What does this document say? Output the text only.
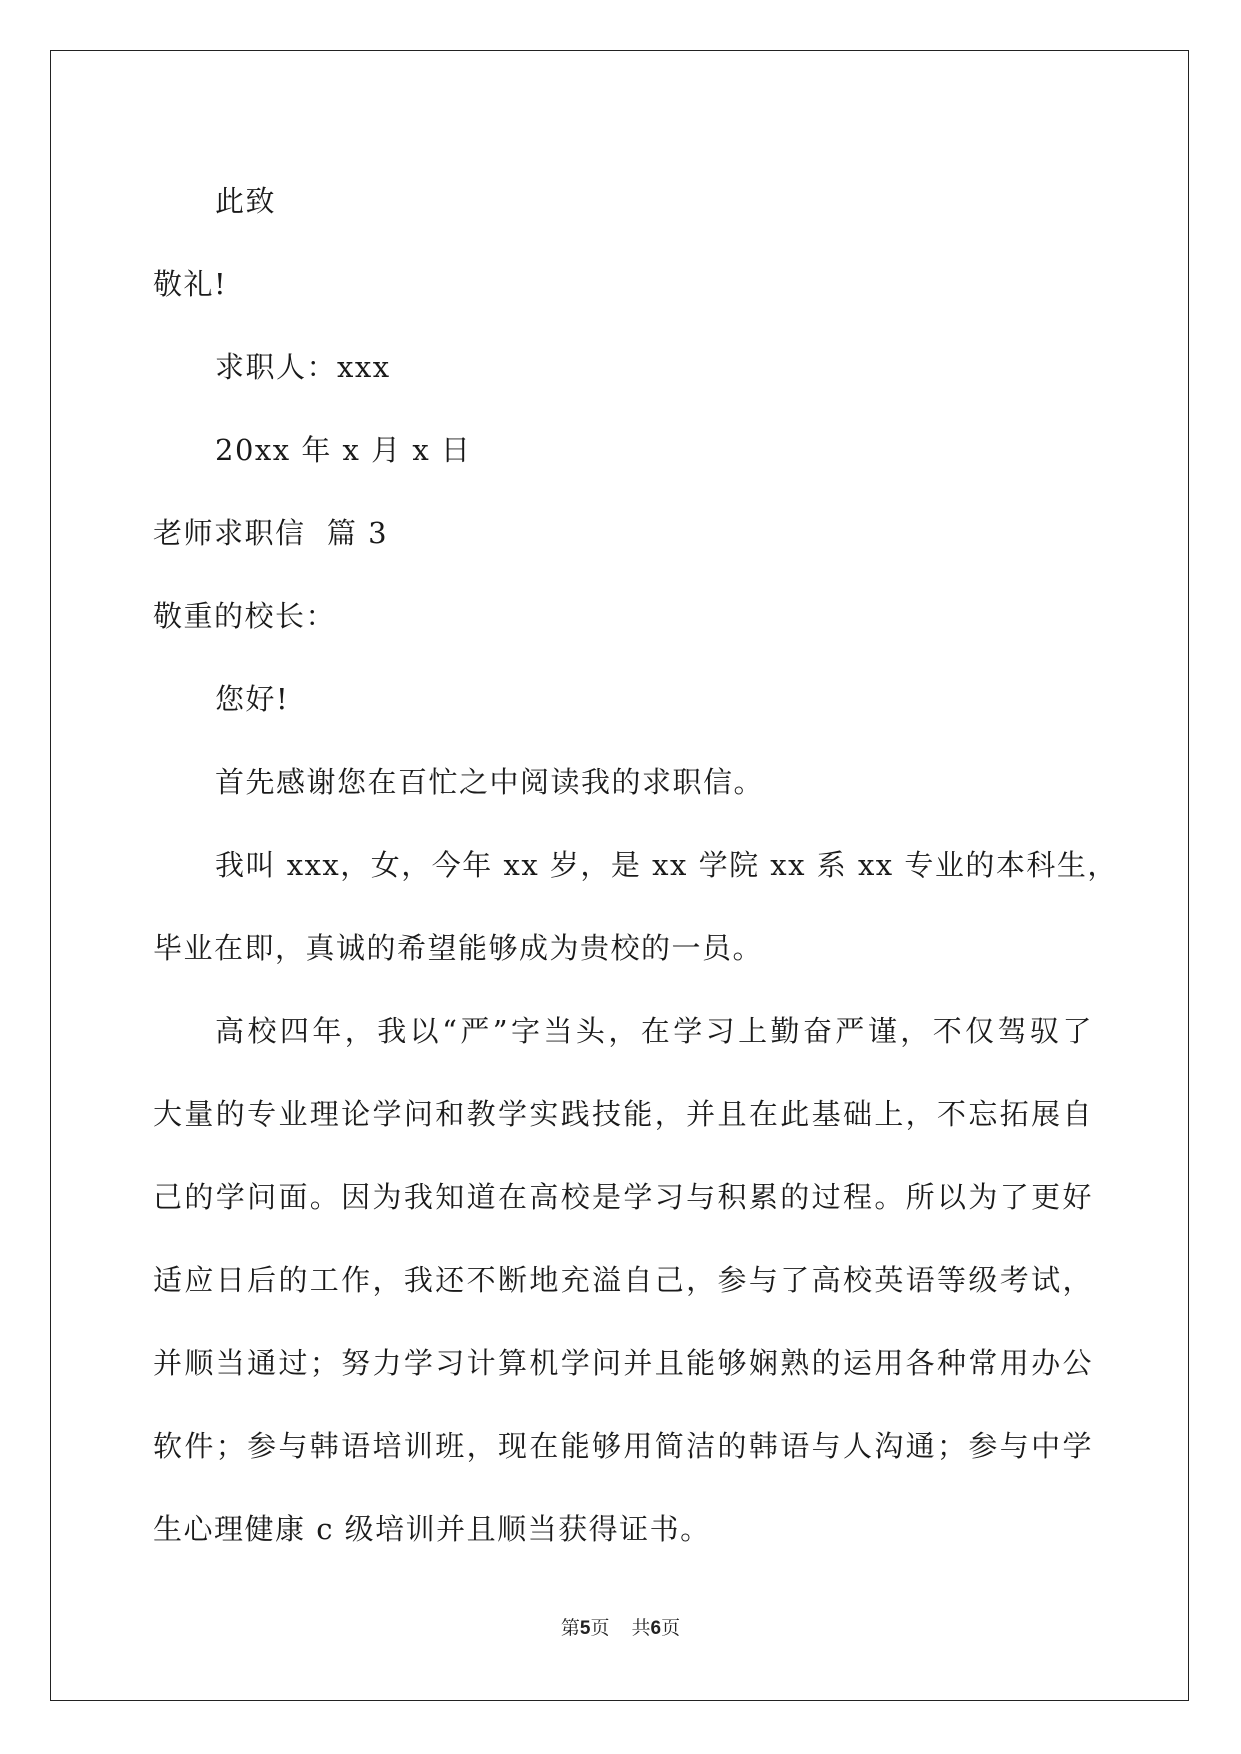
此致
敬礼!
求职人：xxx
20xx 年 x 月 x 日
老师求职信  篇 3
敬重的校长：
您好!
首先感谢您在百忙之中阅读我的求职信。
我叫 xxx，女，今年 xx 岁，是 xx 学院 xx 系 xx 专业的本科生，
毕业在即，真诚的希望能够成为贵校的一员。
高校四年，我以“严”字当头，在学习上勤奋严谨，不仅驾驭了
大量的专业理论学问和教学实践技能，并且在此基础上，不忘拓展自
己的学问面。因为我知道在高校是学习与积累的过程。所以为了更好
适应日后的工作，我还不断地充溢自己，参与了高校英语等级考试，
并顺当通过；努力学习计算机学问并且能够娴熟的运用各种常用办公
软件；参与韩语培训班，现在能够用简洁的韩语与人沟通；参与中学
生心理健康 c 级培训并且顺当获得证书。
第5页 共6页
